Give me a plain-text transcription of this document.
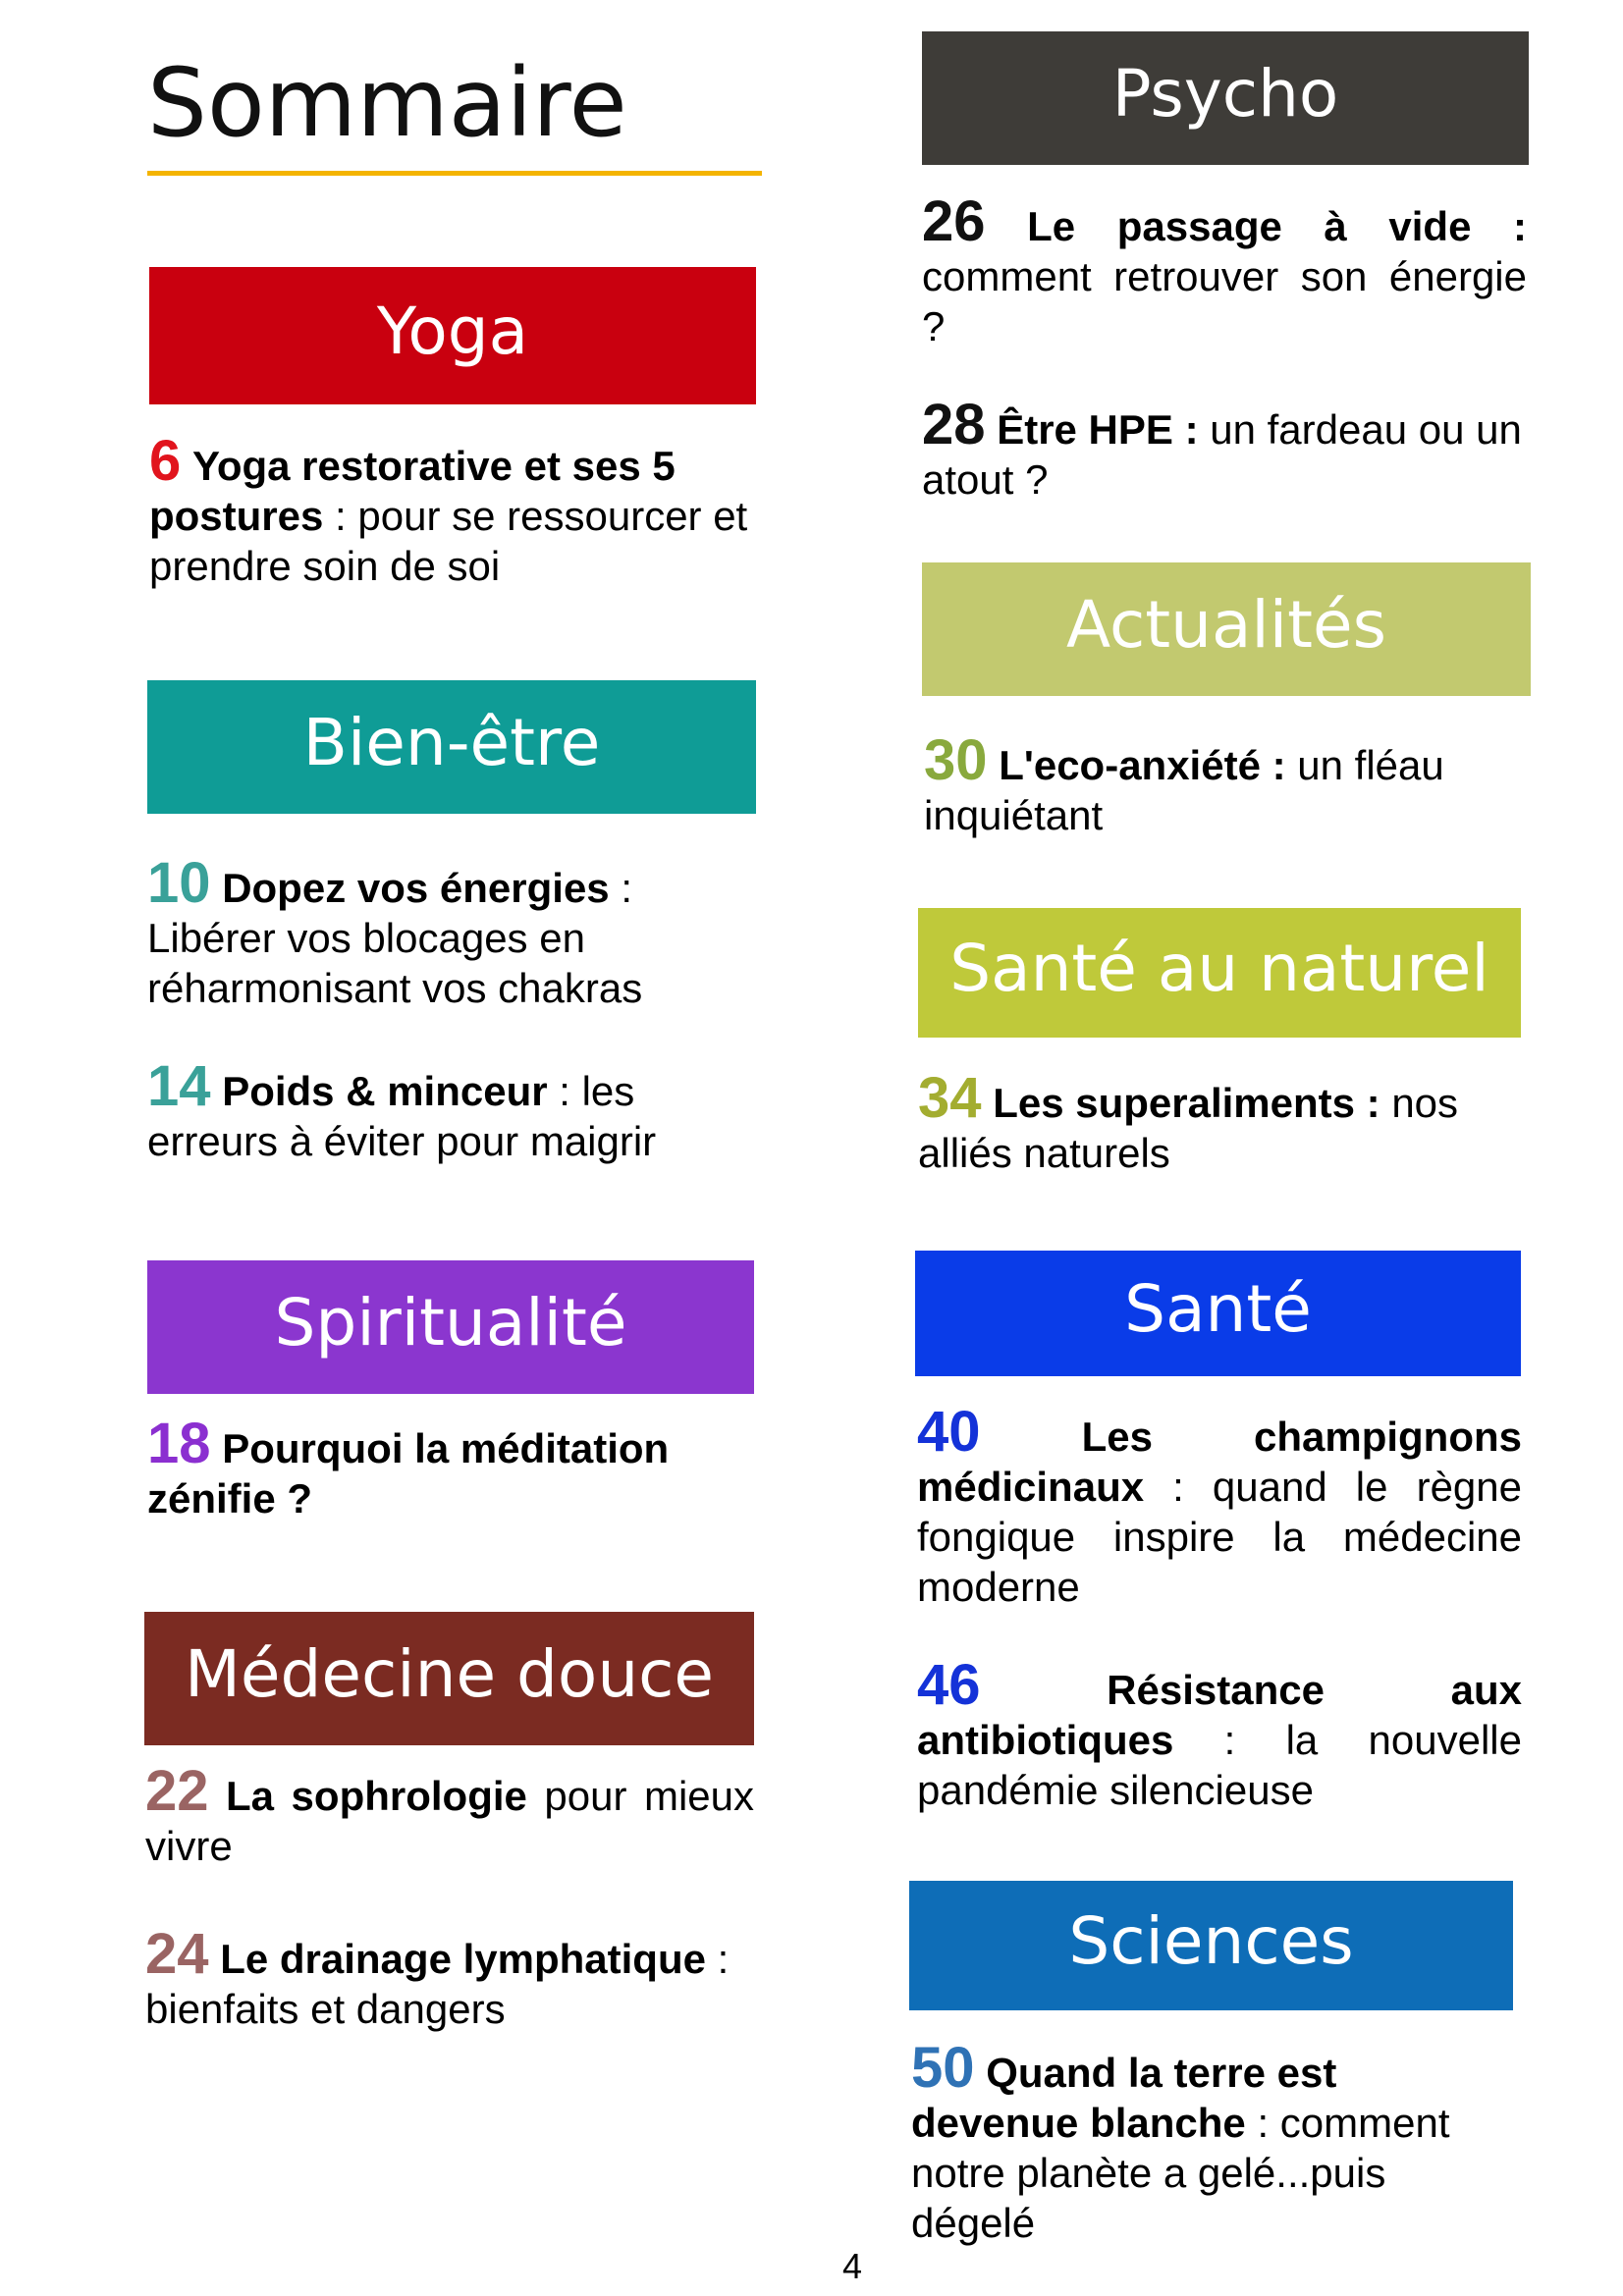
Sommaire
Yoga
6 Yoga restorative et ses 5 postures : pour se ressourcer et prendre soin de soi
Bien-être
10 Dopez vos énergies : Libérer vos blocages en réharmonisant vos chakras
14 Poids & minceur : les erreurs à éviter pour maigrir
Spiritualité
18 Pourquoi la méditation zénifie ?
Médecine douce
22 La sophrologie pour mieux vivre
24 Le drainage lymphatique : bienfaits et dangers
Psycho
26 Le passage à vide : comment retrouver son énergie ?
28 Être HPE : un fardeau ou un atout ?
Actualités
30 L'eco-anxiété : un fléau inquiétant
Santé au naturel
34 Les superaliments : nos alliés naturels
Santé
40 Les champignons médicinaux : quand le règne fongique inspire la médecine moderne
46	Résistance aux antibiotiques : la nouvelle pandémie silencieuse
Sciences
50 Quand la terre est devenue blanche : comment notre planète a gelé...puis dégelé
4
